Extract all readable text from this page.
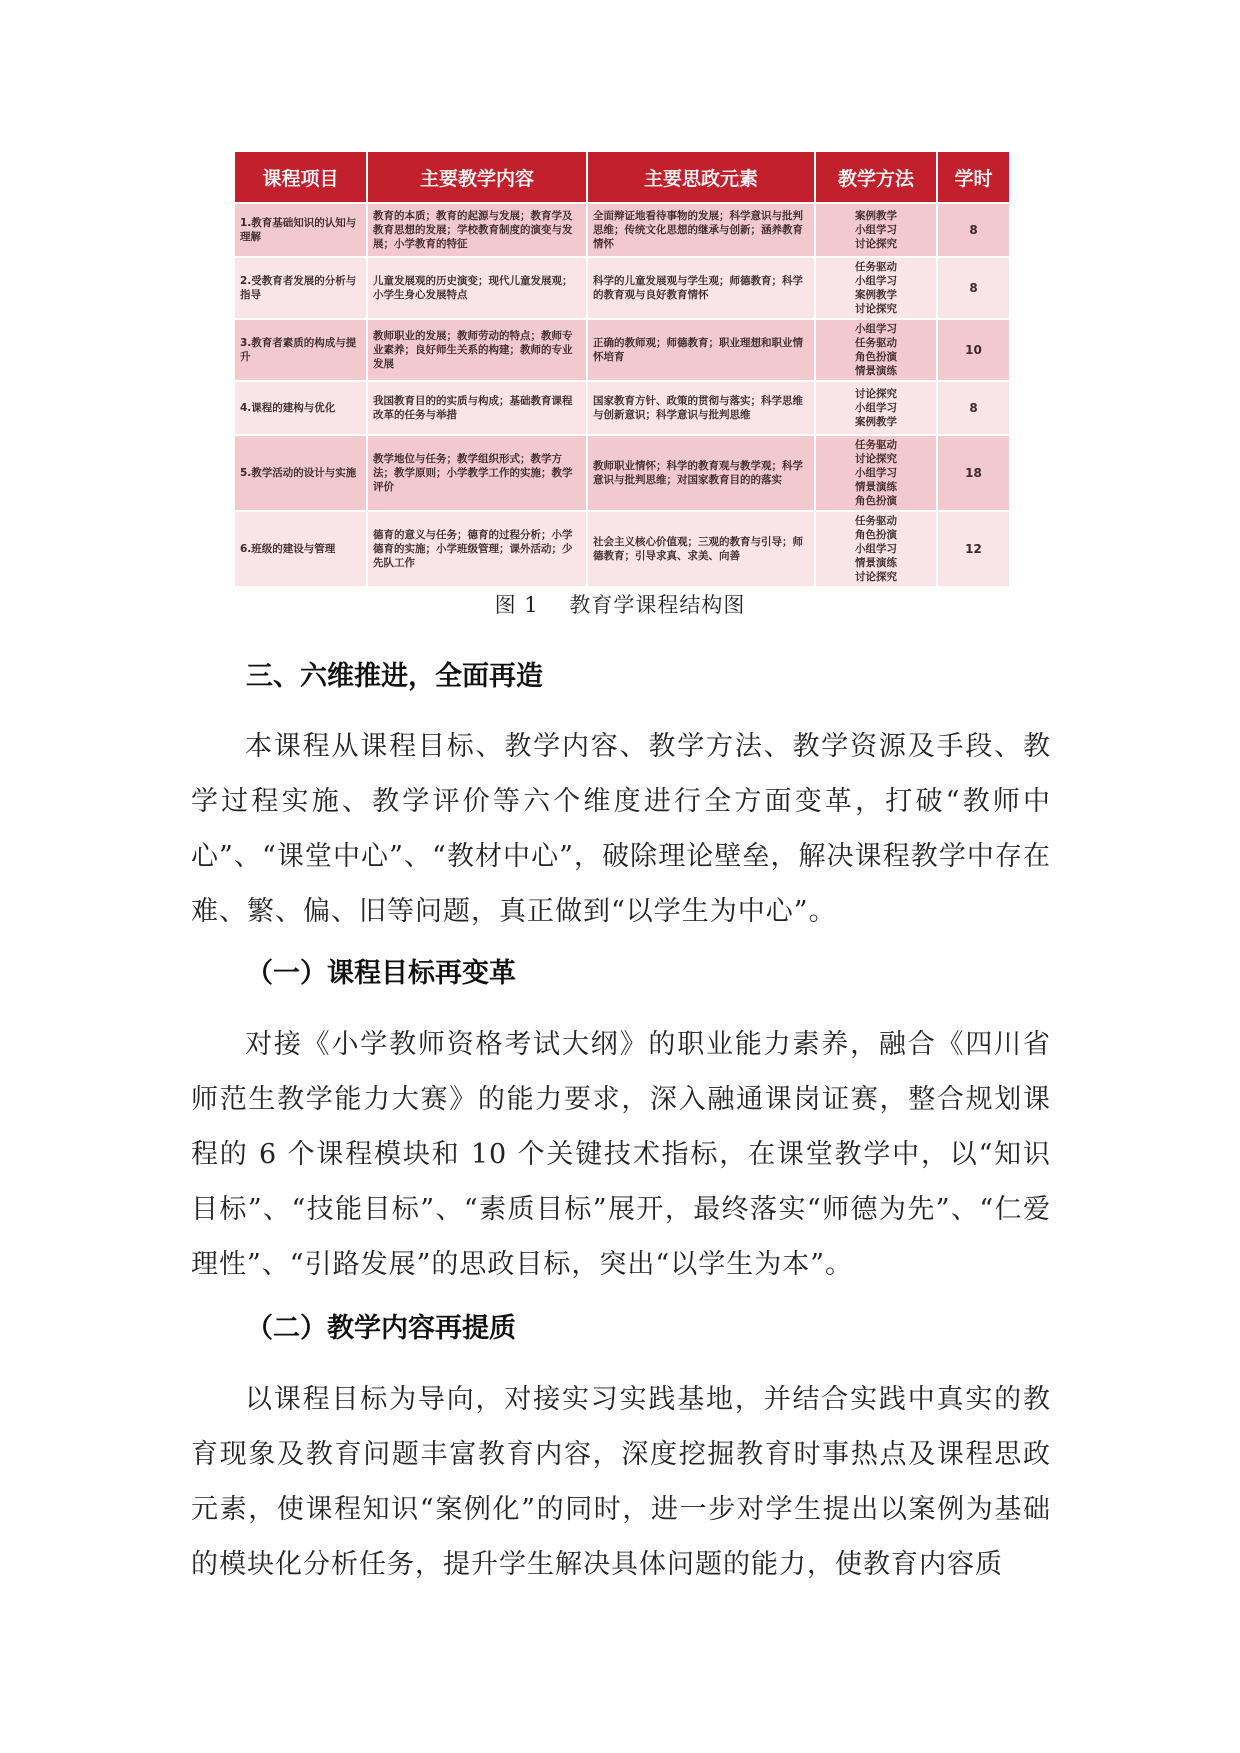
课程项目	主要教学内容	主要思政元素	教学方法	学时
1.教育基础知识的认知与理解	教育的本质；教育的起源与发展；教育学及教育思想的发展；学校教育制度的演变与发展；小学教育的特征	全面辩证地看待事物的发展；科学意识与批判思维；传统文化思想的继承与创新；涵养教育情怀	案例教学
小组学习
讨论探究	8
2.受教育者发展的分析与指导	儿童发展观的历史演变；现代儿童发展观；小学生身心发展特点	科学的儿童发展观与学生观；师德教育；科学的教育观与良好教育情怀	任务驱动
小组学习
案例教学
讨论探究	8
3.教育者素质的构成与提升	教师职业的发展；教师劳动的特点；教师专业素养；良好师生关系的构建；教师的专业发展	正确的教师观；师德教育；职业理想和职业情怀培育	小组学习
任务驱动
角色扮演
情景演练	10
4.课程的建构与优化	我国教育目的的实质与构成；基础教育课程改革的任务与举措	国家教育方针、政策的贯彻与落实；科学思维与创新意识；科学意识与批判思维	讨论探究
小组学习
案例教学	8
5.教学活动的设计与实施	教学地位与任务；教学组织形式；教学方法；教学原则；小学教学工作的实施；教学评价	教师职业情怀；科学的教育观与教学观；科学意识与批判思维；对国家教育目的的落实	任务驱动
讨论探究
小组学习
情景演练
角色扮演	18
6.班级的建设与管理	德育的意义与任务；德育的过程分析；小学德育的实施；小学班级管理；课外活动；少先队工作	社会主义核心价值观；三观的教育与引导；师德教育；引导求真、求美、向善	任务驱动
角色扮演
小组学习
情景演练
讨论探究	12
图 1    教育学课程结构图
三、六维推进，全面再造

本课程从课程目标、教学内容、教学方法、教学资源及手段、教学过程实施、教学评价等六个维度进行全方面变革，打破“教师中心”、“课堂中心”、“教材中心”，破除理论壁垒，解决课程教学中存在难、繁、偏、旧等问题，真正做到“以学生为中心”。

（一）课程目标再变革

对接《小学教师资格考试大纲》的职业能力素养，融合《四川省师范生教学能力大赛》的能力要求，深入融通课岗证赛，整合规划课程的 6 个课程模块和 10 个关键技术指标，在课堂教学中，以“知识目标”、“技能目标”、“素质目标”展开，最终落实“师德为先”、“仁爱理性”、“引路发展”的思政目标，突出“以学生为本”。

（二）教学内容再提质

以课程目标为导向，对接实习实践基地，并结合实践中真实的教育现象及教育问题丰富教育内容，深度挖掘教育时事热点及课程思政元素，使课程知识“案例化”的同时，进一步对学生提出以案例为基础的模块化分析任务，提升学生解决具体问题的能力，使教育内容质
